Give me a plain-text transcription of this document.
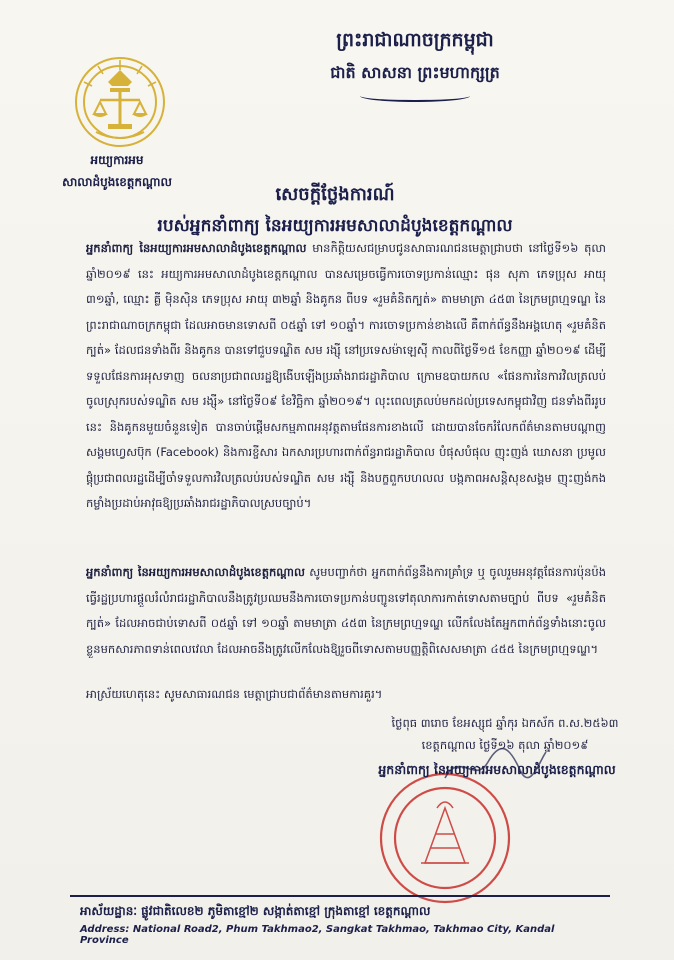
ព្រះរាជាណាចក្រកម្ពុជា
ជាតិ សាសនា ព្រះមហាក្សត្រ
អយ្យការអម
សាលាដំបូងខេត្តកណ្ដាល
សេចក្តីថ្លែងការណ៍
របស់អ្នកនាំពាក្យ នៃអយ្យការអមសាលាដំបូងខេត្តកណ្ដាល
អ្នកនាំពាក្យ នៃអយ្យការអមសាលាដំបូងខេត្តកណ្ដាល មានកិត្តិយសជម្រាបជូនសាធារណជនមេត្តាជ្រាបថា នៅថ្ងៃទី១៦ តុលា ឆ្នាំ២០១៩ នេះ អយ្យការអមសាលាដំបូងខេត្តកណ្ដាល បានសម្រេចធ្វើការចោទប្រកាន់ឈ្មោះ ផុន សុភា ភេទប្រុស អាយុ ៣១ឆ្នាំ, ឈ្មោះ គ្លី ម៉ិនស៊ិន ភេទប្រុស អាយុ ៣២ឆ្នាំ និងគូកន ពីបទ «រួមគំនិតក្បត់» តាមមាត្រា ៤៥៣ នៃក្រមព្រហ្មទណ្ឌ នៃព្រះរាជាណាចក្រកម្ពុជា ដែលអាចមានទោសពី ០៥ឆ្នាំ ទៅ ១០ឆ្នាំ។ ការចោទប្រកាន់ខាងលើ គឺពាក់ព័ន្ធនឹងអង្គហេតុ «រួមគំនិតក្បត់» ដែលជនទាំងពីរ និងគូកន បានទៅជួបទណ្ឌិត សម រង្ស៊ី នៅប្រទេសម៉ាឡេស៊ី កាលពីថ្ងៃទី១៥ ខែកញ្ញា ឆ្នាំ២០១៩ ដើម្បីទទួលផែនការអុសទាញ ចលនាប្រជាពលរដ្ឋឱ្យងើបឡើងប្រឆាំងរាជរដ្ឋាភិបាល ក្រោមឧបាយកល «ផែនការនៃការវិលត្រលប់ចូលស្រុករបស់ទណ្ឌិត សម រង្ស៊ី» នៅថ្ងៃទី០៩ ខែវិច្ឆិកា ឆ្នាំ២០១៩។ លុះពេលត្រលប់មកដល់ប្រទេសកម្ពុជាវិញ ជនទាំងពីររូបនេះ និងគូកនមួយចំនួនទៀត បានចាប់ផ្តើមសកម្មភាពអនុវត្តតាមផែនការខាងលើ ដោយបានចែករំលែកព័ត៌មានតាមបណ្តាញសង្គមហ្វេសប៊ុក (Facebook) និងការខ្ចីសារ ឯកសារប្រហារពាក់ព័ន្ធរាជរដ្ឋាភិបាល បំផុសបំផុល ញុះញង់ ឃោសនា ប្រមូលផ្តុំប្រជាពលរដ្ឋដើម្បីចាំទទួលការវិលត្រលប់របស់ទណ្ឌិត សម រង្ស៊ី និងបក្ខពួកបហលល បង្កភាពអសន្តិសុខសង្គម ញុះញង់កងកម្លាំងប្រដាប់អាវុធឱ្យប្រឆាំងរាជរដ្ឋាភិបាលស្របច្បាប់។
អ្នកនាំពាក្យ នៃអយ្យការអមសាលាដំបូងខេត្តកណ្ដាល សូមបញ្ជាក់ថា អ្នកពាក់ព័ន្ធនឹងការគ្រាំទ្រ ឬ ចូលរួមអនុវត្តផែនការប៉ុនប៉ងធ្វើរដ្ឋប្រហារផ្តួលរំលំរាជរដ្ឋាភិបាលនឹងត្រូវប្រឈមនឹងការចោទប្រកាន់បញ្ជូនទៅតុលាការកាត់ទោសតាមច្បាប់ ពីបទ «រួមគំនិតក្បត់» ដែលអាចជាប់ទោសពី ០៥ឆ្នាំ ទៅ ១០ឆ្នាំ តាមមាត្រា ៤៥៣ នៃក្រមព្រហ្មទណ្ឌ លើកលែងតែអ្នកពាក់ព័ន្ធទាំងនោះចូលខ្លួនមកសារភាពទាន់ពេលវេលា ដែលអាចនឹងត្រូវលើកលែងឱ្យរួចពីទោសតាមបញ្ញត្តិពិសេសមាត្រា ៤៥៥ នៃក្រមព្រហ្មទណ្ឌ។
អាស្រ័យហេតុនេះ សូមសាធារណជន មេត្តាជ្រាបជាព័ត៌មានតាមការគួរ។
ថ្ងៃពុធ ៣រោច ខែអស្សុជ ឆ្នាំកុរ ឯកស័ក ព.ស.២៥៦៣
ខេត្តកណ្ដាល ថ្ងៃទី១៦ តុលា ឆ្នាំ២០១៩
អ្នកនាំពាក្យ នៃអយ្យការអមសាលាដំបូងខេត្តកណ្ដាល
អាស័យដ្ឋានៈ ផ្លូវជាតិលេខ២ ភូមិតាខ្មៅ២ សង្កាត់តាខ្មៅ ក្រុងតាខ្មៅ ខេត្តកណ្ដាល
Address: National Road2, Phum Takhmao2, Sangkat Takhmao, Takhmao City, Kandal Province
